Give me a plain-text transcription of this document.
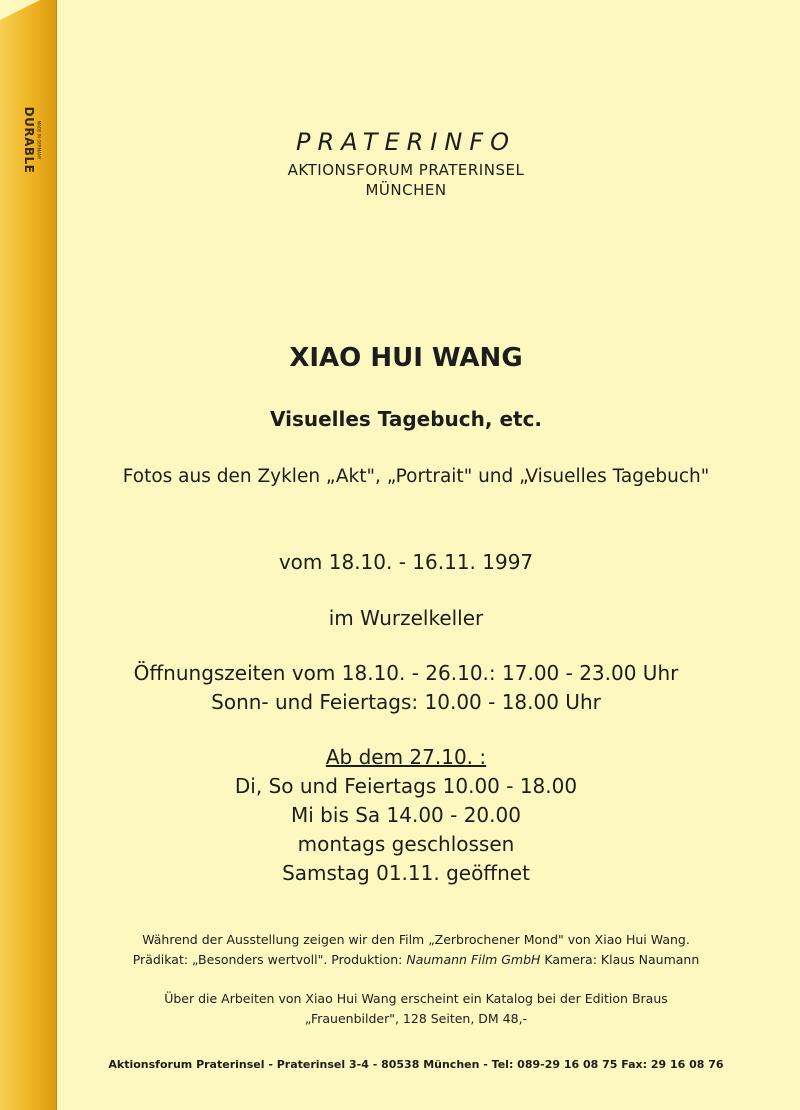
DURABLE MADE IN GERMANY	PRATERINFO
AKTIONSFORUM PRATERINSEL
MÜNCHEN
XIAO HUI WANG
Visuelles Tagebuch, etc.
Fotos aus den Zyklen „Akt", „Portrait" und „Visuelles Tagebuch"
vom 18.10. - 16.11. 1997
im Wurzelkeller
Öffnungszeiten vom 18.10. - 26.10.: 17.00 - 23.00 Uhr
Sonn- und Feiertags: 10.00 - 18.00 Uhr
Ab dem 27.10. :
Di, So und Feiertags 10.00 - 18.00
Mi bis Sa 14.00 - 20.00
montags geschlossen
Samstag 01.11. geöffnet
Während der Ausstellung zeigen wir den Film „Zerbrochener Mond" von Xiao Hui Wang.
Prädikat: „Besonders wertvoll". Produktion: Naumann Film GmbH Kamera: Klaus Naumann
Über die Arbeiten von Xiao Hui Wang erscheint ein Katalog bei der Edition Braus
„Frauenbilder", 128 Seiten, DM 48,-
Aktionsforum Praterinsel - Praterinsel 3-4 - 80538 München - Tel: 089-29 16 08 75 Fax: 29 16 08 76
